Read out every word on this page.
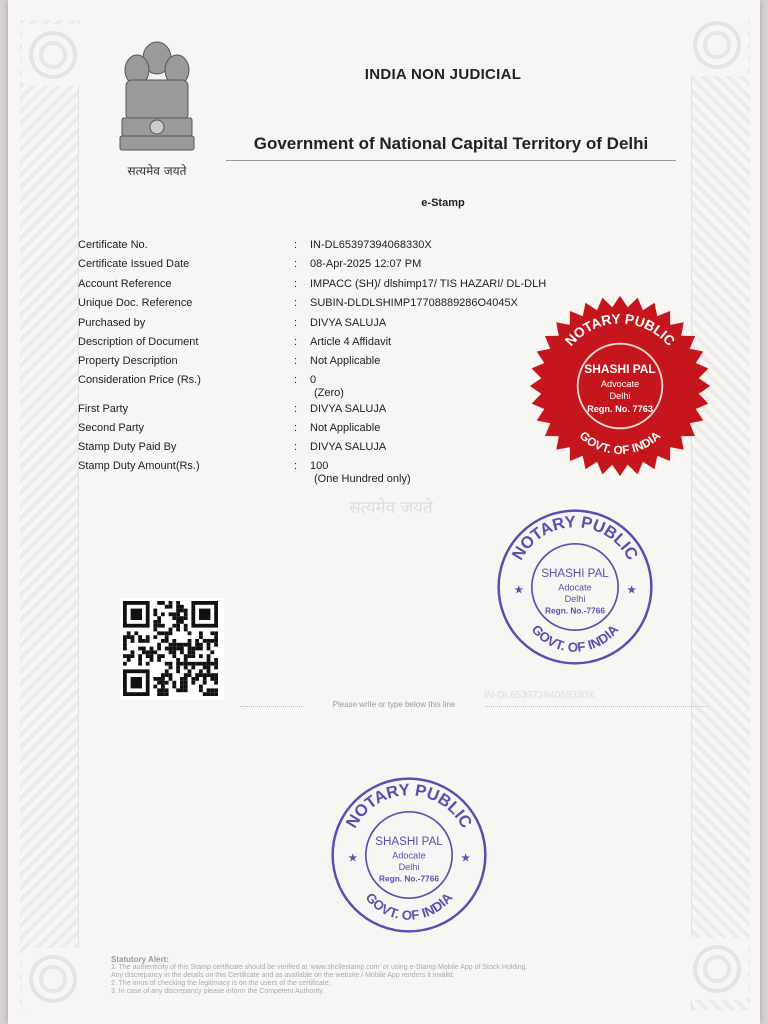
सत्यमेव जयते
INDIA NON JUDICIAL
Government of National Capital Territory of Delhi
e-Stamp
Certificate No.	:	IN-DL65397394068330X
Certificate Issued Date	:	08-Apr-2025 12:07 PM
Account Reference	:	IMPACC (SH)/ dlshimp17/ TIS HAZARI/ DL-DLH
Unique Doc. Reference	:	SUBIN-DLDLSHIMP17708889286O4045X
Purchased by	:	DIVYA SALUJA
Description of Document	:	Article 4 Affidavit
Property Description	:	Not Applicable
Consideration Price (Rs.)	:	0
(Zero)
First Party	:	DIVYA SALUJA
Second Party	:	Not Applicable
Stamp Duty Paid By	:	DIVYA SALUJA
Stamp Duty Amount(Rs.)	:	100
(One Hundred only)
सत्यमेव जयते
Please write or type below this line
IN-DL65397394068330X
NOTARY PUBLIC
GOVT. OF INDIA
SHASHI PAL
Advocate
Delhi
Regn. No. 7763
NOTARY PUBLIC
GOVT. OF INDIA
SHASHI PAL
Adocate
Delhi
Regn. No.-7766
★	★
NOTARY PUBLIC
GOVT. OF INDIA
SHASHI PAL
Adocate
Delhi
Regn. No.-7766
★	★
Statutory Alert:
1. The authenticity of this Stamp certificate should be verified at 'www.shcilestamp.com' or using e-Stamp Mobile App of Stock Holding.
Any discrepancy in the details on this Certificate and as available on the website / Mobile App renders it invalid.
2. The onus of checking the legitimacy is on the users of the certificate.
3. In case of any discrepancy please inform the Competent Authority.
